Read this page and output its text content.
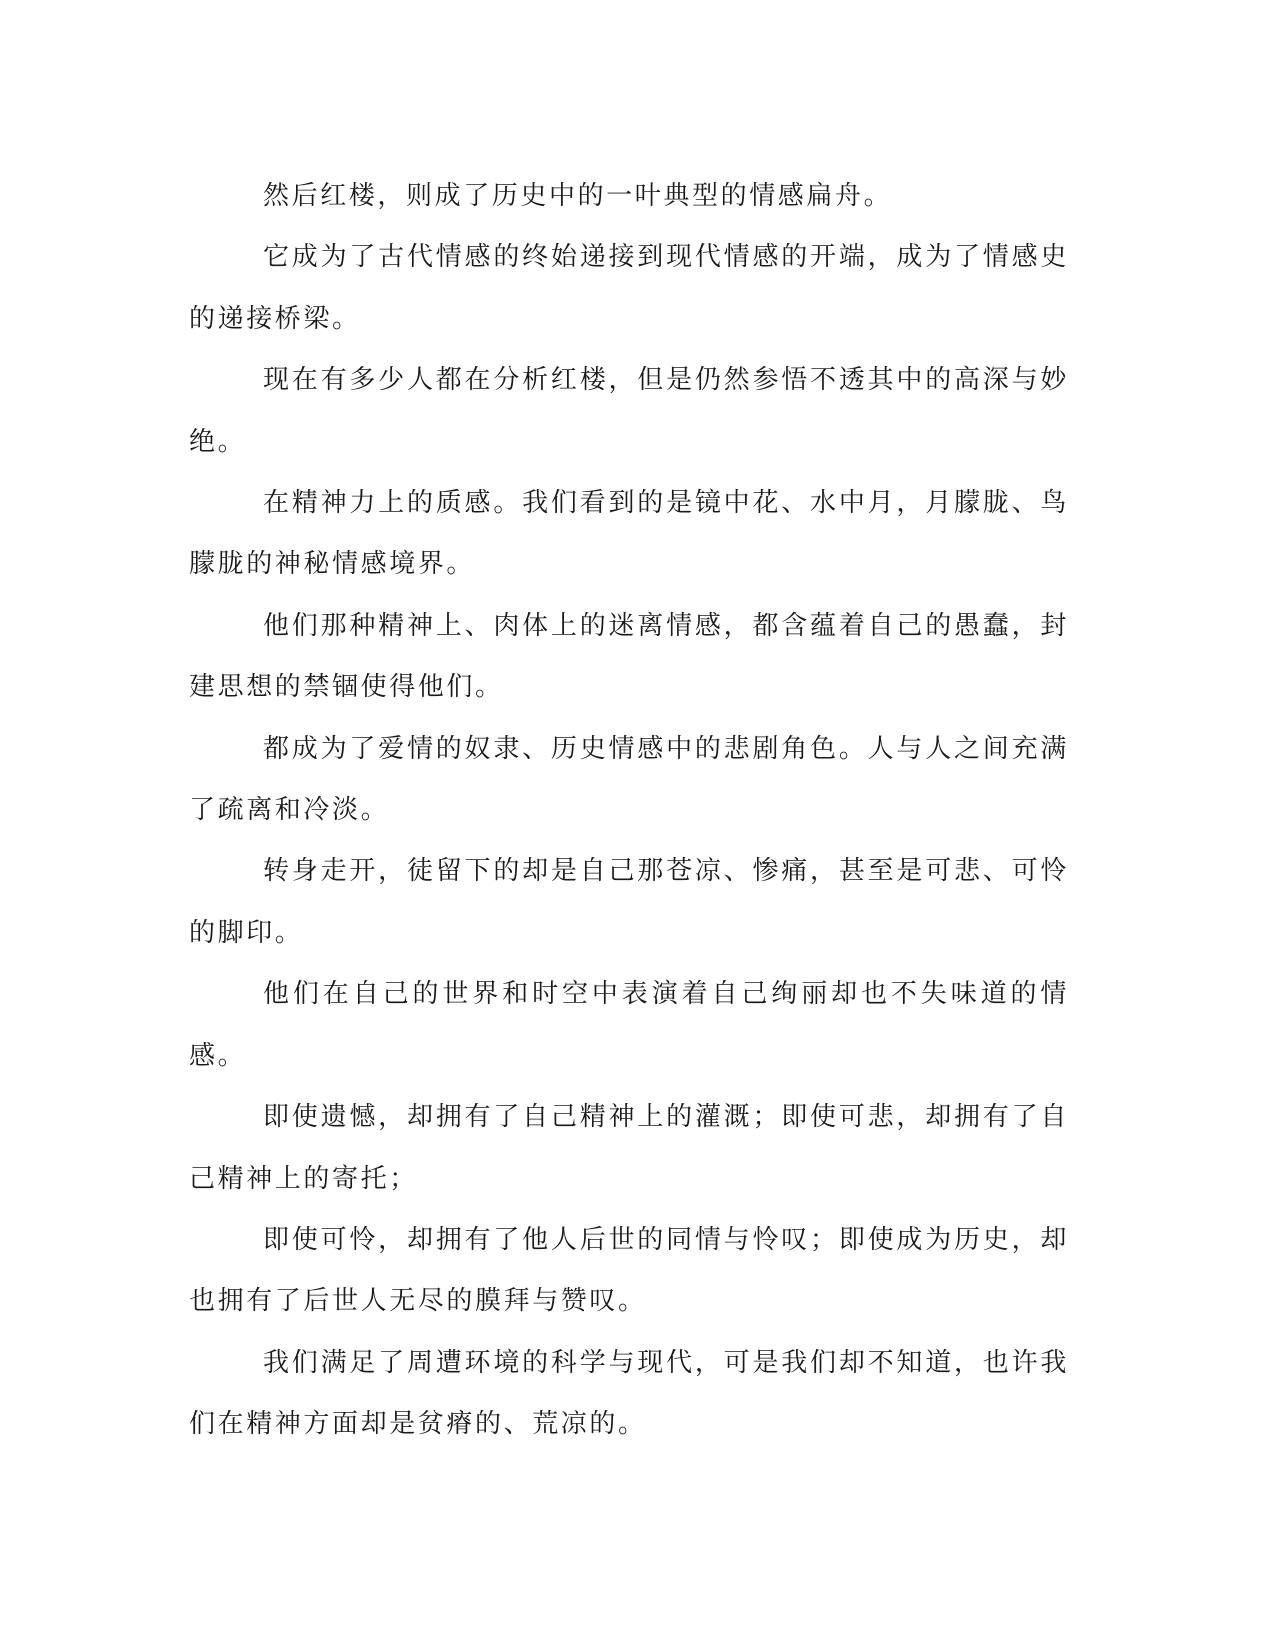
然后红楼，则成了历史中的一叶典型的情感扁舟。

它成为了古代情感的终始递接到现代情感的开端，成为了情感史的递接桥梁。

现在有多少人都在分析红楼，但是仍然参悟不透其中的高深与妙绝。

在精神力上的质感。我们看到的是镜中花、水中月，月朦胧、鸟朦胧的神秘情感境界。

他们那种精神上、肉体上的迷离情感，都含蕴着自己的愚蠢，封建思想的禁锢使得他们。

都成为了爱情的奴隶、历史情感中的悲剧角色。人与人之间充满了疏离和冷淡。

转身走开，徒留下的却是自己那苍凉、惨痛，甚至是可悲、可怜的脚印。

他们在自己的世界和时空中表演着自己绚丽却也不失味道的情感。

即使遗憾，却拥有了自己精神上的灌溉；即使可悲，却拥有了自己精神上的寄托；

即使可怜，却拥有了他人后世的同情与怜叹；即使成为历史，却也拥有了后世人无尽的膜拜与赞叹。

我们满足了周遭环境的科学与现代，可是我们却不知道，也许我们在精神方面却是贫瘠的、荒凉的。
